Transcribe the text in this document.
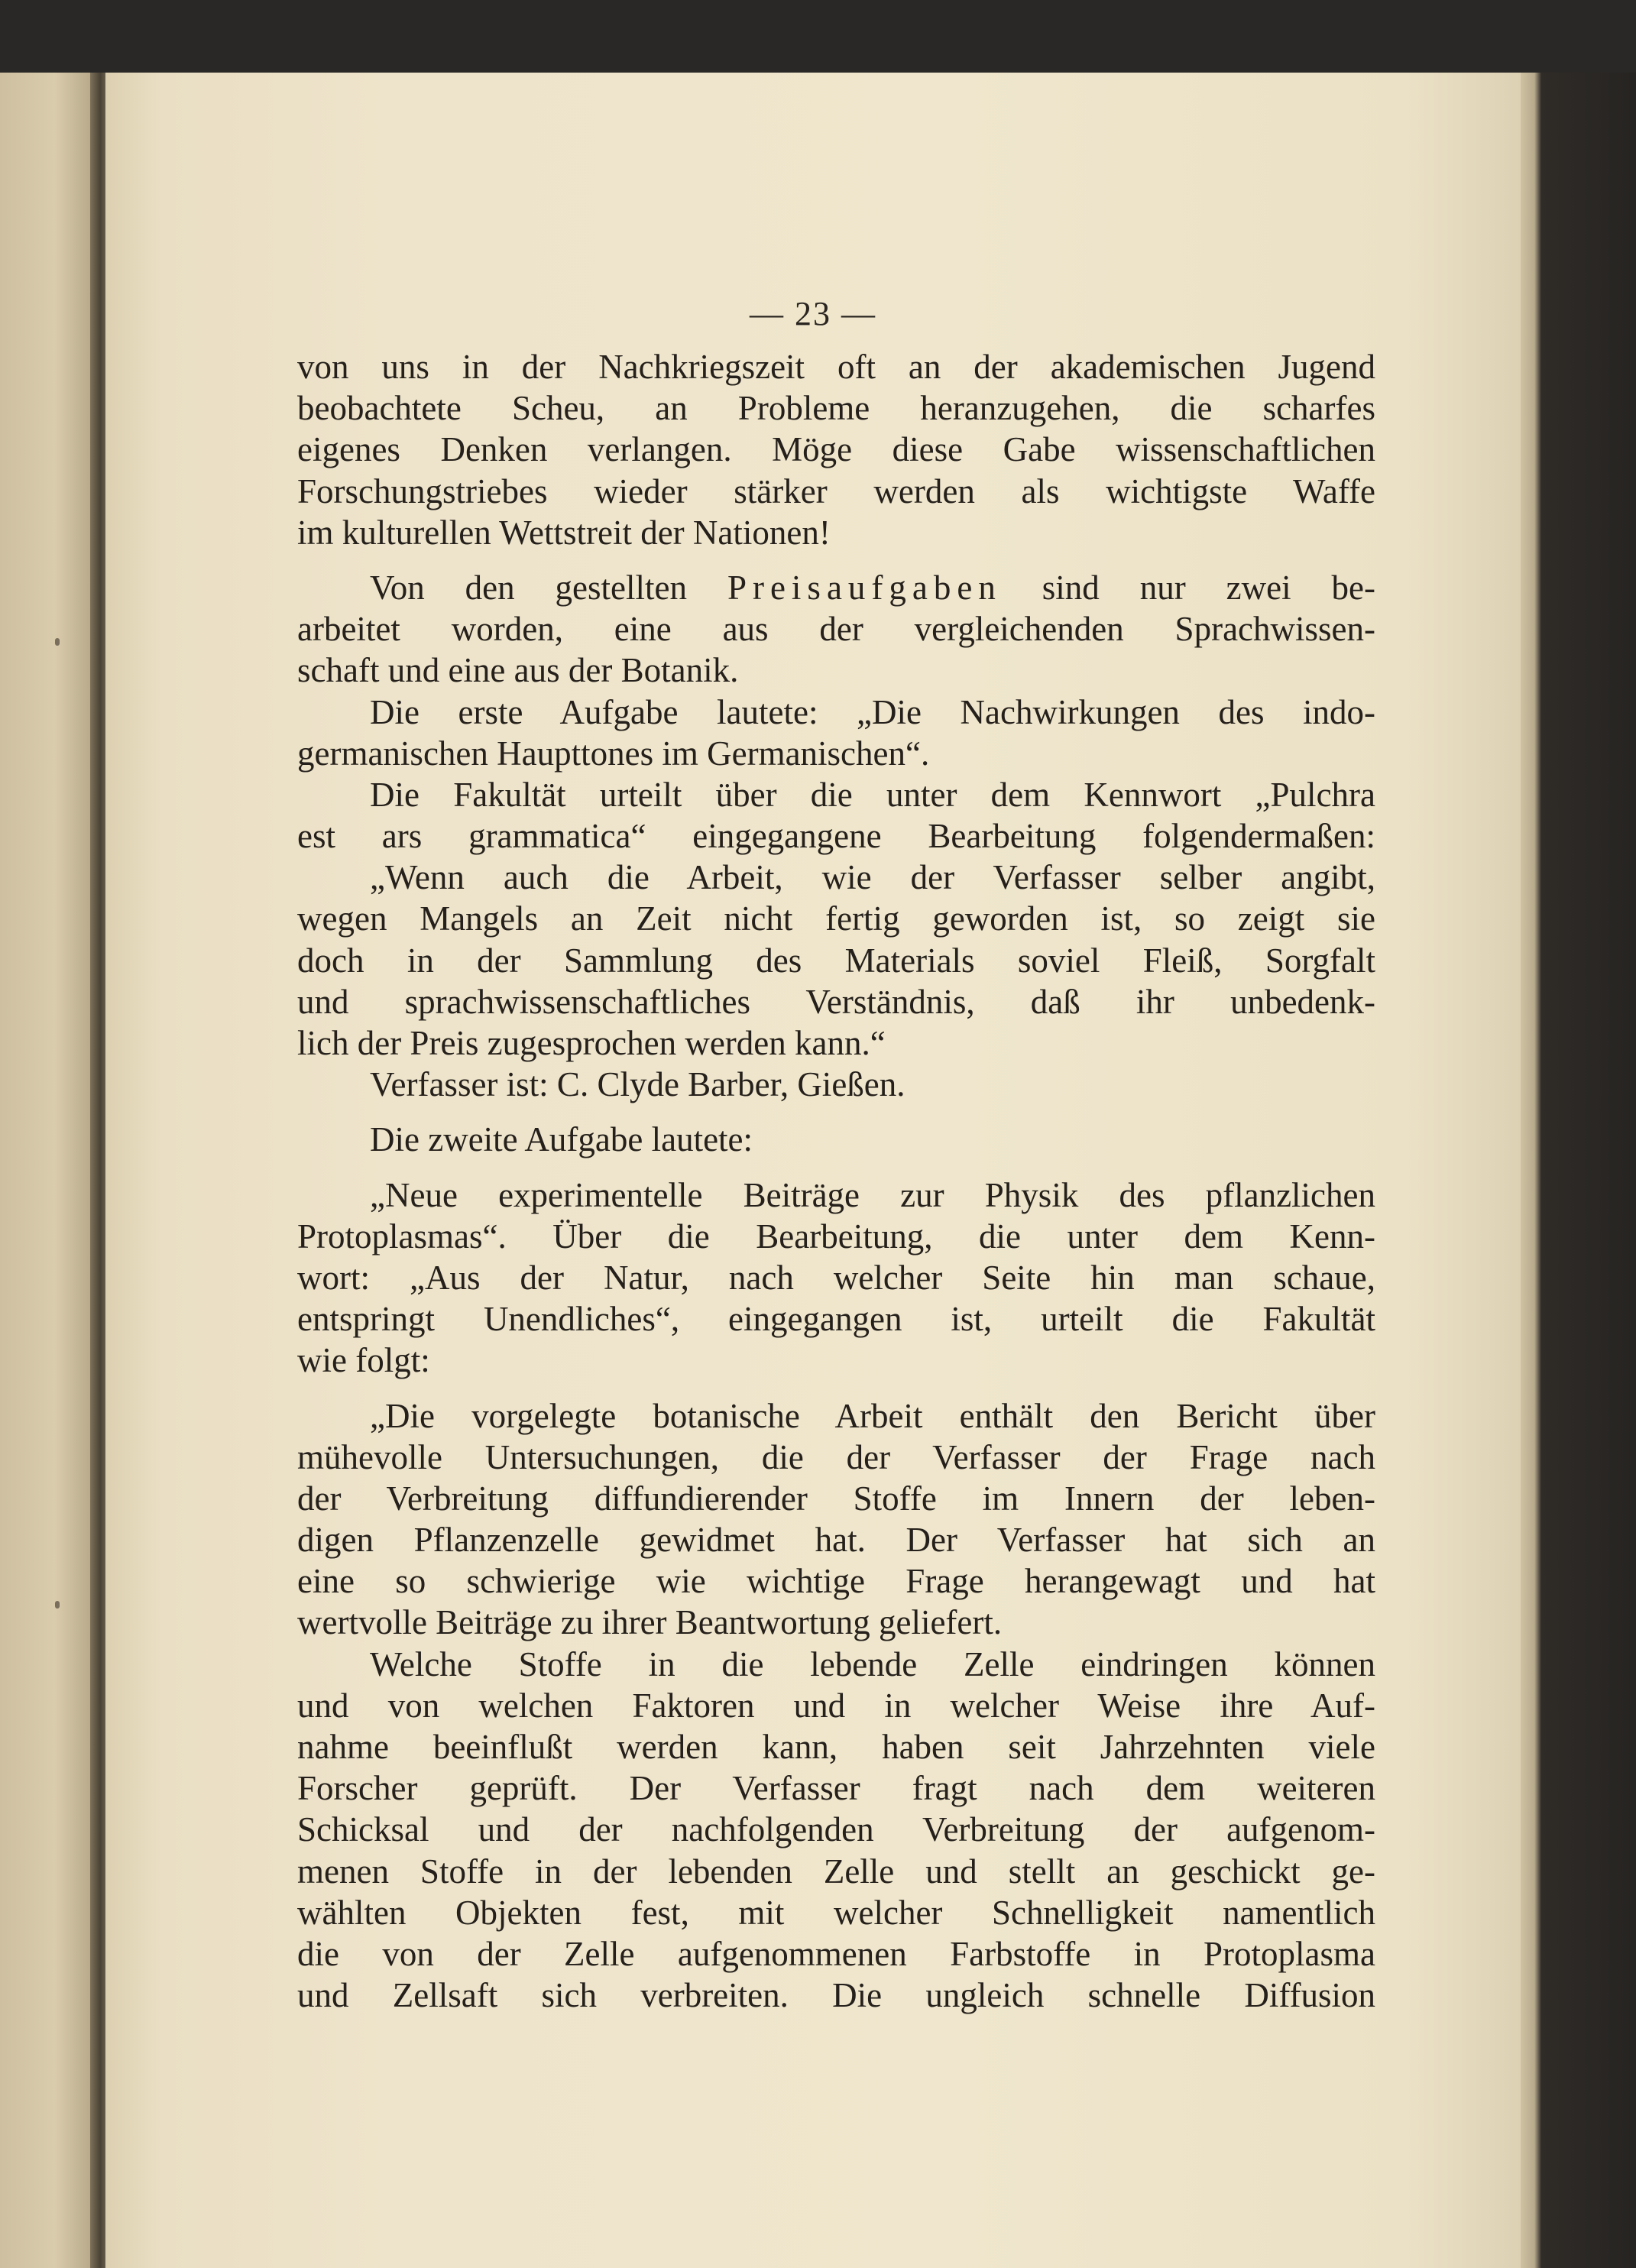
— 23 —
von uns in der Nachkriegszeit oft an der akademischen Jugend
beobachtete Scheu, an Probleme heranzugehen, die scharfes
eigenes Denken verlangen. Möge diese Gabe wissenschaftlichen
Forschungstriebes wieder stärker werden als wichtigste Waffe
im kulturellen Wettstreit der Nationen!
Von den gestellten Preisaufgaben sind nur zwei be-
arbeitet worden, eine aus der vergleichenden Sprachwissen-
schaft und eine aus der Botanik.
Die erste Aufgabe lautete: „Die Nachwirkungen des indo-
germanischen Haupttones im Germanischen“.
Die Fakultät urteilt über die unter dem Kennwort „Pulchra
est ars grammatica“ eingegangene Bearbeitung folgendermaßen:
„Wenn auch die Arbeit, wie der Verfasser selber angibt,
wegen Mangels an Zeit nicht fertig geworden ist, so zeigt sie
doch in der Sammlung des Materials soviel Fleiß, Sorgfalt
und sprachwissenschaftliches Verständnis, daß ihr unbedenk-
lich der Preis zugesprochen werden kann.“
Verfasser ist: C. Clyde Barber, Gießen.
Die zweite Aufgabe lautete:
„Neue experimentelle Beiträge zur Physik des pflanzlichen
Protoplasmas“. Über die Bearbeitung, die unter dem Kenn-
wort: „Aus der Natur, nach welcher Seite hin man schaue,
entspringt Unendliches“, eingegangen ist, urteilt die Fakultät
wie folgt:
„Die vorgelegte botanische Arbeit enthält den Bericht über
mühevolle Untersuchungen, die der Verfasser der Frage nach
der Verbreitung diffundierender Stoffe im Innern der leben-
digen Pflanzenzelle gewidmet hat. Der Verfasser hat sich an
eine so schwierige wie wichtige Frage herangewagt und hat
wertvolle Beiträge zu ihrer Beantwortung geliefert.
Welche Stoffe in die lebende Zelle eindringen können
und von welchen Faktoren und in welcher Weise ihre Auf-
nahme beeinflußt werden kann, haben seit Jahrzehnten viele
Forscher geprüft. Der Verfasser fragt nach dem weiteren
Schicksal und der nachfolgenden Verbreitung der aufgenom-
menen Stoffe in der lebenden Zelle und stellt an geschickt ge-
wählten Objekten fest, mit welcher Schnelligkeit namentlich
die von der Zelle aufgenommenen Farbstoffe in Protoplasma
und Zellsaft sich verbreiten. Die ungleich schnelle Diffusion
